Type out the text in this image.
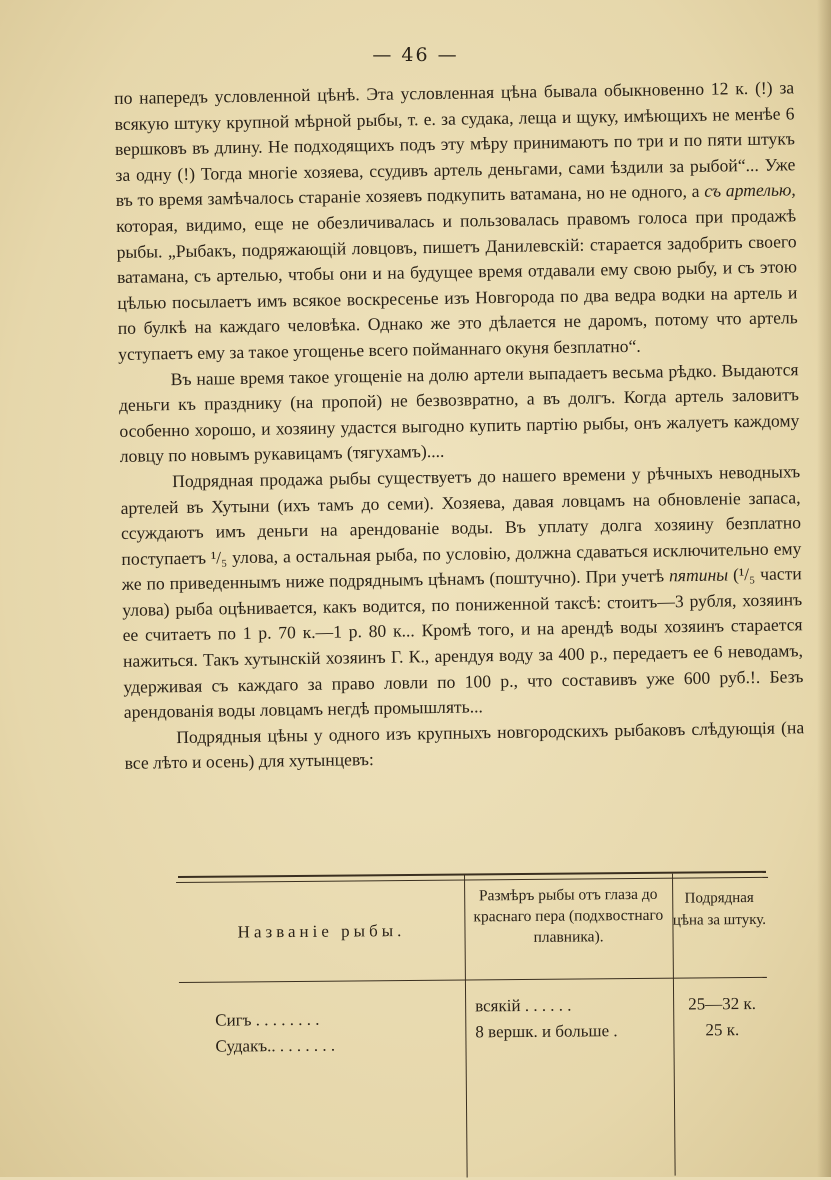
— 46 —

по напередъ условленной цѣнѣ. Эта условленная цѣна бывала обыкновенно 12 к. (!) за всякую штуку крупной мѣрной рыбы, т. е. за судака, леща и щуку, имѣющихъ не менѣе 6 вершковъ въ длину. Не подходящихъ подъ эту мѣру принимаютъ по три и по пяти штукъ за одну (!) Тогда многіе хозяева, ссудивъ артель деньгами, сами ѣздили за рыбой“... Уже въ то время замѣчалось стараніе хозяевъ подкупить ватамана, но не одного, а съ артелью, которая, видимо, еще не обезличивалась и пользовалась правомъ голоса при продажѣ рыбы. „Рыбакъ, подряжающій ловцовъ, пишетъ Данилевскій: старается задобрить своего ватамана, съ артелью, чтобы они и на будущее время отдавали ему свою рыбу, и съ этою цѣлью посылаетъ имъ всякое воскресенье изъ Новгорода по два ведра водки на артель и по булкѣ на каждаго человѣка. Однако же это дѣлается не даромъ, потому что артель уступаетъ ему за такое угощенье всего пойманнаго окуня безплатно“.

Въ наше время такое угощеніе на долю артели выпадаетъ весьма рѣдко. Выдаются деньги къ празднику (на пропой) не безвозвратно, а въ долгъ. Когда артель заловитъ особенно хорошо, и хозяину удастся выгодно купить партію рыбы, онъ жалуетъ каждому ловцу по новымъ рукавицамъ (тягухамъ)....

Подрядная продажа рыбы существуетъ до нашего времени у рѣчныхъ неводныхъ артелей въ Хутыни (ихъ тамъ до семи). Хозяева, давая ловцамъ на обновленіе запаса, ссуждаютъ имъ деньги на арендованіе воды. Въ уплату долга хозяину безплатно поступаетъ ¹/₅ улова, а остальная рыба, по условію, должна сдаваться исключительно ему же по приведеннымъ ниже подряднымъ цѣнамъ (поштучно). При учетѣ пятины (¹/₅ части улова) рыба оцѣнивается, какъ водится, по пониженной таксѣ: стоитъ—3 рубля, хозяинъ ее считаетъ по 1 р. 70 к.—1 р. 80 к... Кромѣ того, и на арендѣ воды хозяинъ старается нажиться. Такъ хутынскій хозяинъ Г. К., арендуя воду за 400 р., передаетъ ее 6 неводамъ, удерживая съ каждаго за право ловли по 100 р., что составивъ уже 600 руб.!. Безъ арендованія воды ловцамъ негдѣ промышлять...

Подрядныя цѣны у одного изъ крупныхъ новгородскихъ рыбаковъ слѣдующія (на все лѣто и осень) для хутынцевъ:

Названіе рыбы.
Размѣръ рыбы отъ глаза до краснаго пера (подхвостнаго плавника).
Подрядная цѣна за штуку.
Сигъ . . . . . . . .
Судакъ.. . . . . . . .
всякій . . . . . .
8 вершк. и больше .
25—32 к.
25 к.
